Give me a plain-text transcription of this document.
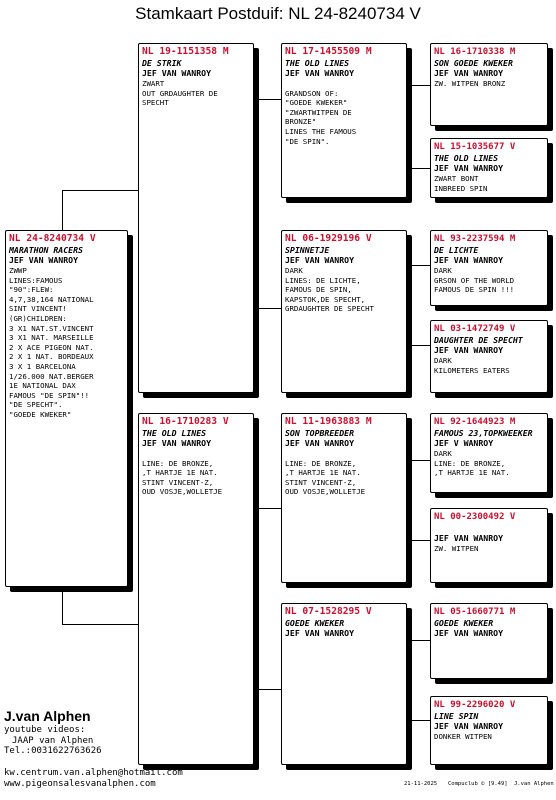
Stamkaart Postduif: NL 24-8240734 V
NL 24-8240734 V
MARATHON RACERS
JEF VAN WANROY
ZWWP
LINES:FAMOUS
"90":FLEW:
4,7,38,164 NATIONAL
SINT VINCENT!
(GR)CHILDREN:
3 X1 NAT.ST.VINCENT
3 X1 NAT. MARSEILLE
2 X ACE PIGEON NAT.
2 X 1 NAT. BORDEAUX
3 X 1 BARCELONA
1/26.000 NAT.BERGER
1E NATIONAL DAX
FAMOUS "DE SPIN"!!
"DE SPECHT".
"GOEDE KWEKER"
NL 19-1151358 M
DE STRIK
JEF VAN WANROY
ZWART
OUT GRDAUGHTER DE
SPECHT
NL 16-1710283 V
THE OLD LINES
JEF VAN WANROY

LINE: DE BRONZE,
,T HARTJE 1E NAT.
STINT VINCENT-Z,
OUD VOSJE,WOLLETJE
NL 17-1455509 M
THE OLD LINES
JEF VAN WANROY

GRANDSON OF:
"GOEDE KWEKER"
"ZWARTWITPEN DE
BRONZE"
LINES THE FAMOUS
"DE SPIN".
NL 06-1929196 V
SPINNETJE
JEF VAN WANROY
DARK
LINES: DE LICHTE,
FAMOUS DE SPIN,
KAPSTOK,DE SPECHT,
GRDAUGHTER DE SPECHT
NL 11-1963883 M
SON TOPBREEDER
JEF VAN WANROY

LINE: DE BRONZE,
,T HARTJE 1E NAT.
STINT VINCENT-Z,
OUD VOSJE,WOLLETJE
NL 07-1528295 V
GOEDE KWEKER
JEF VAN WANROY
NL 16-1710338 M
SON GOEDE KWEKER
JEF VAN WANROY
ZW. WITPEN BRONZ
NL 15-1035677 V
THE OLD LINES
JEF VAN WANROY
ZWART BONT
INBREED SPIN
NL 93-2237594 M
DE LICHTE
JEF VAN WANROY
DARK
GRSON OF THE WORLD
FAMOUS DE SPIN !!!
NL 03-1472749 V
DAUGHTER DE SPECHT
JEF VAN WANROY
DARK
KILOMETERS EATERS
NL 92-1644923 M
FAMOUS 23,TOPKWEEKER
JEF V WANROY
DARK
LINE: DE BRONZE,
,T HARTJE 1E NAT.
NL 00-2300492 V

JEF VAN WANROY
ZW. WITPEN
NL 05-1660771 M
GOEDE KWEKER
JEF VAN WANROY
NL 99-2296020 V
LINE SPIN
JEF VAN WANROY
DONKER WITPEN
J.van Alphen
youtube videos:
JAAP van Alphen
Tel.:0031622763626
kw.centrum.van.alphen@hotmail.com
www.pigeonsalesvanalphen.com	21-11-2025 Compuclub © [9.49] J.van Alphen
